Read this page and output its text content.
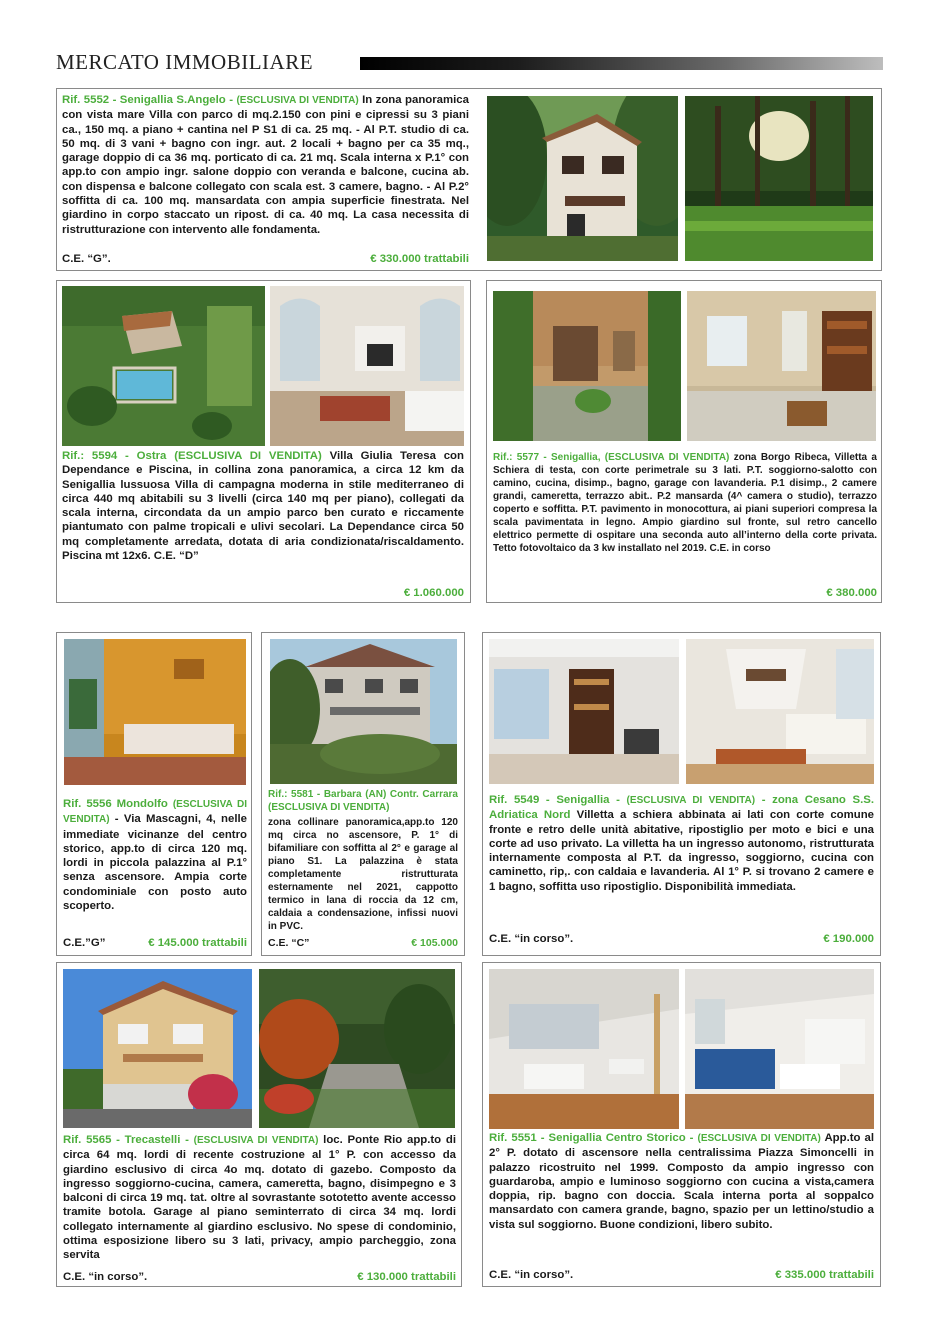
MERCATO IMMOBILIARE
Rif. 5552 - Senigallia S.Angelo - (ESCLUSIVA DI VENDITA) In zona panoramica con vista mare Villa con parco di mq.2.150 con pini e cipressi su 3 piani ca., 150 mq. a piano + cantina nel P S1 di ca. 25 mq. - Al P.T. studio di ca. 50 mq. di 3 vani + bagno con ingr. aut. 2 locali + bagno per ca 35 mq., garage doppio di ca 36 mq. porticato di ca. 21 mq. Scala interna x P.1° con app.to con ampio ingr. salone doppio con veranda e balcone, cucina ab. con dispensa e balcone collegato con scala est. 3 camere, bagno. - Al P.2° soffitta di ca. 100 mq. mansardata con ampia superficie finestrata. Nel giardino in corpo staccato un ripost. di ca. 40 mq. La casa necessita di ristrutturazione con intervento alle fondamenta.
C.E. “G”.	€ 330.000 trattabili
Rif.: 5594 - Ostra (ESCLUSIVA DI VENDITA) Villa Giulia Teresa con Dependance e Piscina, in collina zona panoramica, a circa 12 km da Senigallia lussuosa Villa di campagna moderna in stile mediterraneo di circa 440 mq abitabili su 3 livelli (circa 140 mq per piano), collegati da scala interna, circondata da un ampio parco ben curato e riccamente piantumato con palme tropicali e ulivi secolari. La Dependance circa 50 mq completamente arredata, dotata di aria condizionata/riscaldamento. Piscina mt 12x6. C.E. “D”
€ 1.060.000
Rif.: 5577 - Senigallia, (ESCLUSIVA DI VENDITA) zona Borgo Ribeca, Villetta a Schiera di testa, con corte perimetrale su 3 lati. P.T. soggiorno-salotto con camino, cucina, disimp., bagno, garage con lavanderia. P.1 disimp., 2 camere grandi, cameretta, terrazzo abit.. P.2 mansarda (4^ camera o studio), terrazzo coperto e soffitta. P.T. pavimento in monocottura, ai piani superiori compresa la scala pavimentata in legno. Ampio giardino sul fronte, sul retro cancello elettrico permette di ospitare una seconda auto all’interno della corte privata. Tetto fotovoltaico da 3 kw installato nel 2019. C.E. in corso
€ 380.000
Rif. 5556 Mondolfo (ESCLUSIVA DI VENDITA) - Via Mascagni, 4, nelle immediate vicinanze del centro storico, app.to di circa 120 mq. lordi in piccola palazzina al P.1° senza ascensore. Ampia corte condominiale con posto auto scoperto.
C.E.”G”	€ 145.000 trattabili
Rif.: 5581 - Barbara (AN) Contr. Carrara (ESCLUSIVA DI VENDITA)
zona collinare panoramica,app.to 120 mq circa no ascensore, P. 1° di bifamiliare con soffitta al 2° e garage al piano S1. La palazzina è stata completamente ristrutturata esternamente nel 2021, cappotto termico in lana di roccia da 12 cm, caldaia a condensazione, infissi nuovi in PVC.
C.E. “C”	€ 105.000
Rif. 5549 - Senigallia - (ESCLUSIVA DI VENDITA) - zona Cesano S.S. Adriatica Nord Villetta a schiera abbinata ai lati con corte comune fronte e retro delle unità abitative, ripostiglio per moto e bici e una corte ad uso privato. La villetta ha un ingresso autonomo, ristrutturata internamente composta al P.T. da ingresso, soggiorno, cucina con caminetto, rip,. con caldaia e lavanderia. Al 1° P. si trovano 2 camere e 1 bagno, soffitta uso ripostiglio. Disponibilità immediata.
C.E. “in corso”.	€ 190.000
Rif. 5565 - Trecastelli - (ESCLUSIVA DI VENDITA) loc. Ponte Rio app.to di circa 64 mq. lordi di recente costruzione al 1° P. con accesso da giardino esclusivo di circa 4o mq. dotato di gazebo. Composto da ingresso soggiorno-cucina, camera, cameretta, bagno, disimpegno e 3 balconi di circa 19 mq. tat. oltre al sovrastante sototetto avente accesso tramite botola. Garage al piano seminterrato di circa 34 mq. lordi collegato internamente al giardino esclusivo. No spese di condominio, ottima esposizione libero su 3 lati, privacy, ampio parcheggio, zona servita
C.E. “in corso”.	€ 130.000 trattabili
Rif. 5551 - Senigallia Centro Storico - (ESCLUSIVA DI VENDITA) App.to al 2° P. dotato di ascensore nella centralissima Piazza Simoncelli in palazzo ricostruito nel 1999. Composto da ampio ingresso con guardaroba, ampio e luminoso soggiorno con cucina a vista,camera doppia, rip. bagno con doccia. Scala interna porta al soppalco mansardato con camera grande, bagno, spazio per un lettino/studio a vista sul soggiorno. Buone condizioni, libero subito.
C.E. “in corso”.	€ 335.000 trattabili
